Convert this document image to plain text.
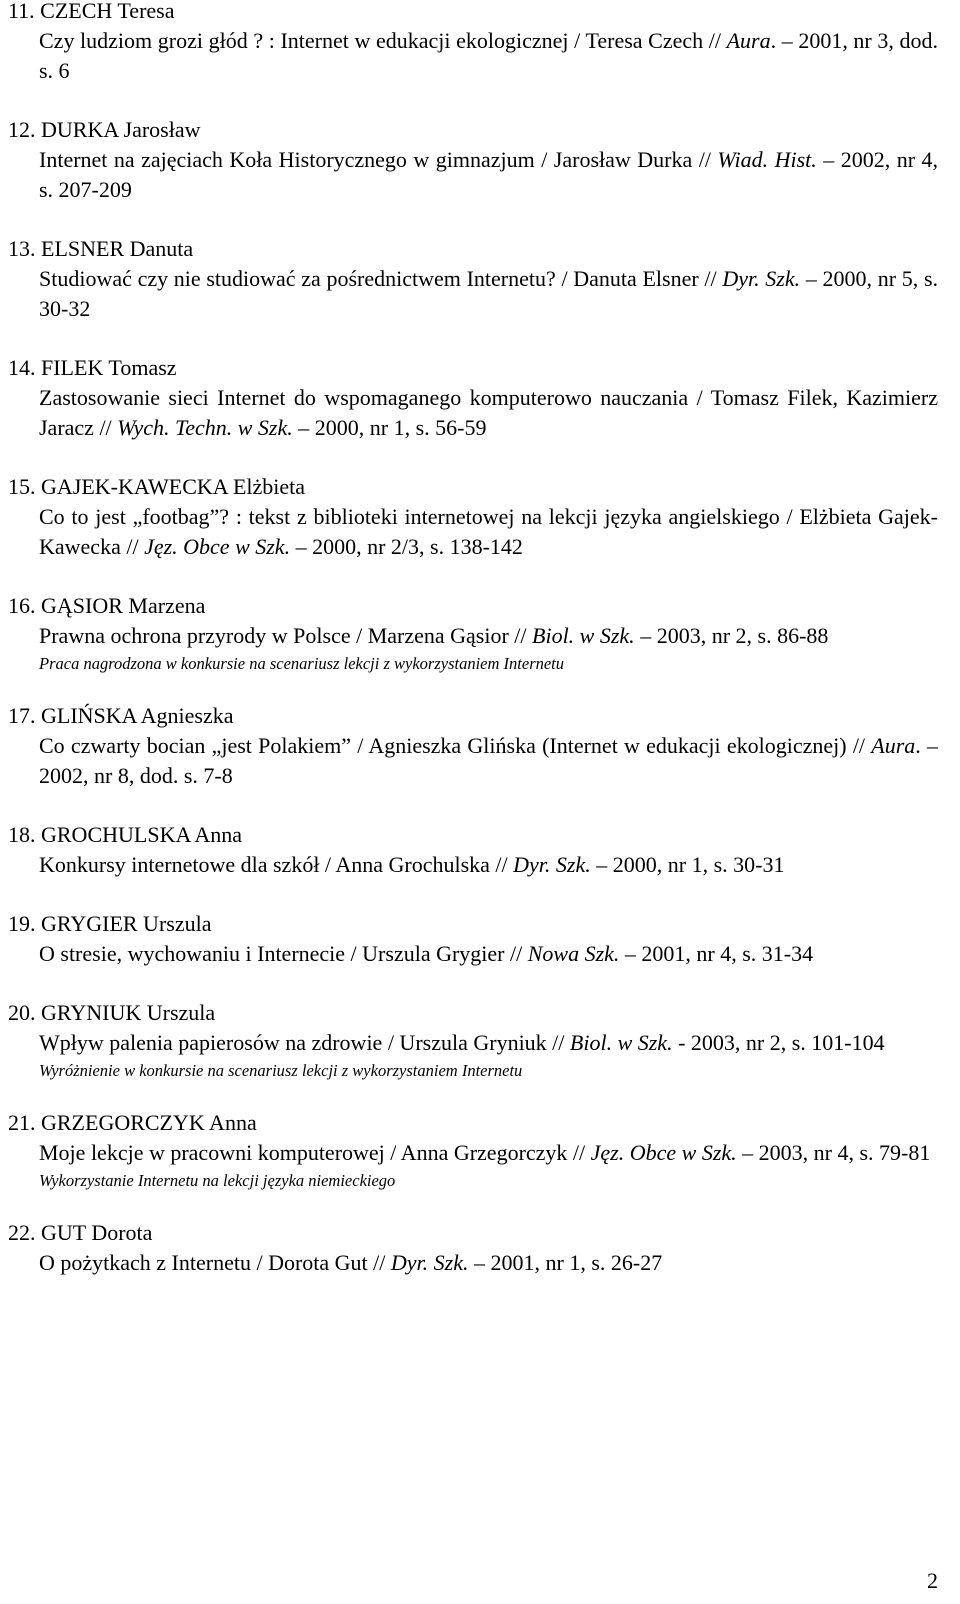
11. CZECH Teresa
Czy ludziom grozi głód ? : Internet w edukacji ekologicznej / Teresa Czech // Aura. – 2001, nr 3, dod. s. 6
12. DURKA Jarosław
Internet na zajęciach Koła Historycznego w gimnazjum / Jarosław Durka // Wiad. Hist. – 2002, nr 4, s. 207-209
13. ELSNER Danuta
Studiować czy nie studiować za pośrednictwem Internetu? / Danuta Elsner // Dyr. Szk. – 2000, nr 5, s. 30-32
14. FILEK Tomasz
Zastosowanie sieci Internet do wspomaganego komputerowo nauczania / Tomasz Filek, Kazimierz Jaracz // Wych. Techn. w Szk. – 2000, nr 1, s. 56-59
15. GAJEK-KAWECKA Elżbieta
Co to jest „footbag”? : tekst z biblioteki internetowej na lekcji języka angielskiego / Elżbieta Gajek-Kawecka // Jęz. Obce w Szk. – 2000, nr 2/3, s. 138-142
16. GĄSIOR Marzena
Prawna ochrona przyrody w Polsce / Marzena Gąsior // Biol. w Szk. – 2003, nr 2, s. 86-88
Praca nagrodzona w konkursie na scenariusz lekcji z wykorzystaniem Internetu
17. GLIŃSKA Agnieszka
Co czwarty bocian „jest Polakiem” / Agnieszka Glińska (Internet w edukacji ekologicznej) // Aura. – 2002, nr 8, dod. s. 7-8
18. GROCHULSKA Anna
Konkursy internetowe dla szkół / Anna Grochulska // Dyr. Szk. – 2000, nr 1, s. 30-31
19. GRYGIER Urszula
O stresie, wychowaniu i Internecie / Urszula Grygier // Nowa Szk. – 2001, nr 4, s. 31-34
20. GRYNIUK Urszula
Wpływ palenia papierosów na zdrowie / Urszula Gryniuk // Biol. w Szk. - 2003, nr 2, s. 101-104
Wyróżnienie w konkursie na scenariusz lekcji z wykorzystaniem Internetu
21. GRZEGORCZYK Anna
Moje lekcje w pracowni komputerowej / Anna Grzegorczyk // Jęz. Obce w Szk. – 2003, nr 4, s. 79-81
Wykorzystanie Internetu na lekcji języka niemieckiego
22. GUT Dorota
O pożytkach z Internetu / Dorota Gut // Dyr. Szk. – 2001, nr 1, s. 26-27
2
